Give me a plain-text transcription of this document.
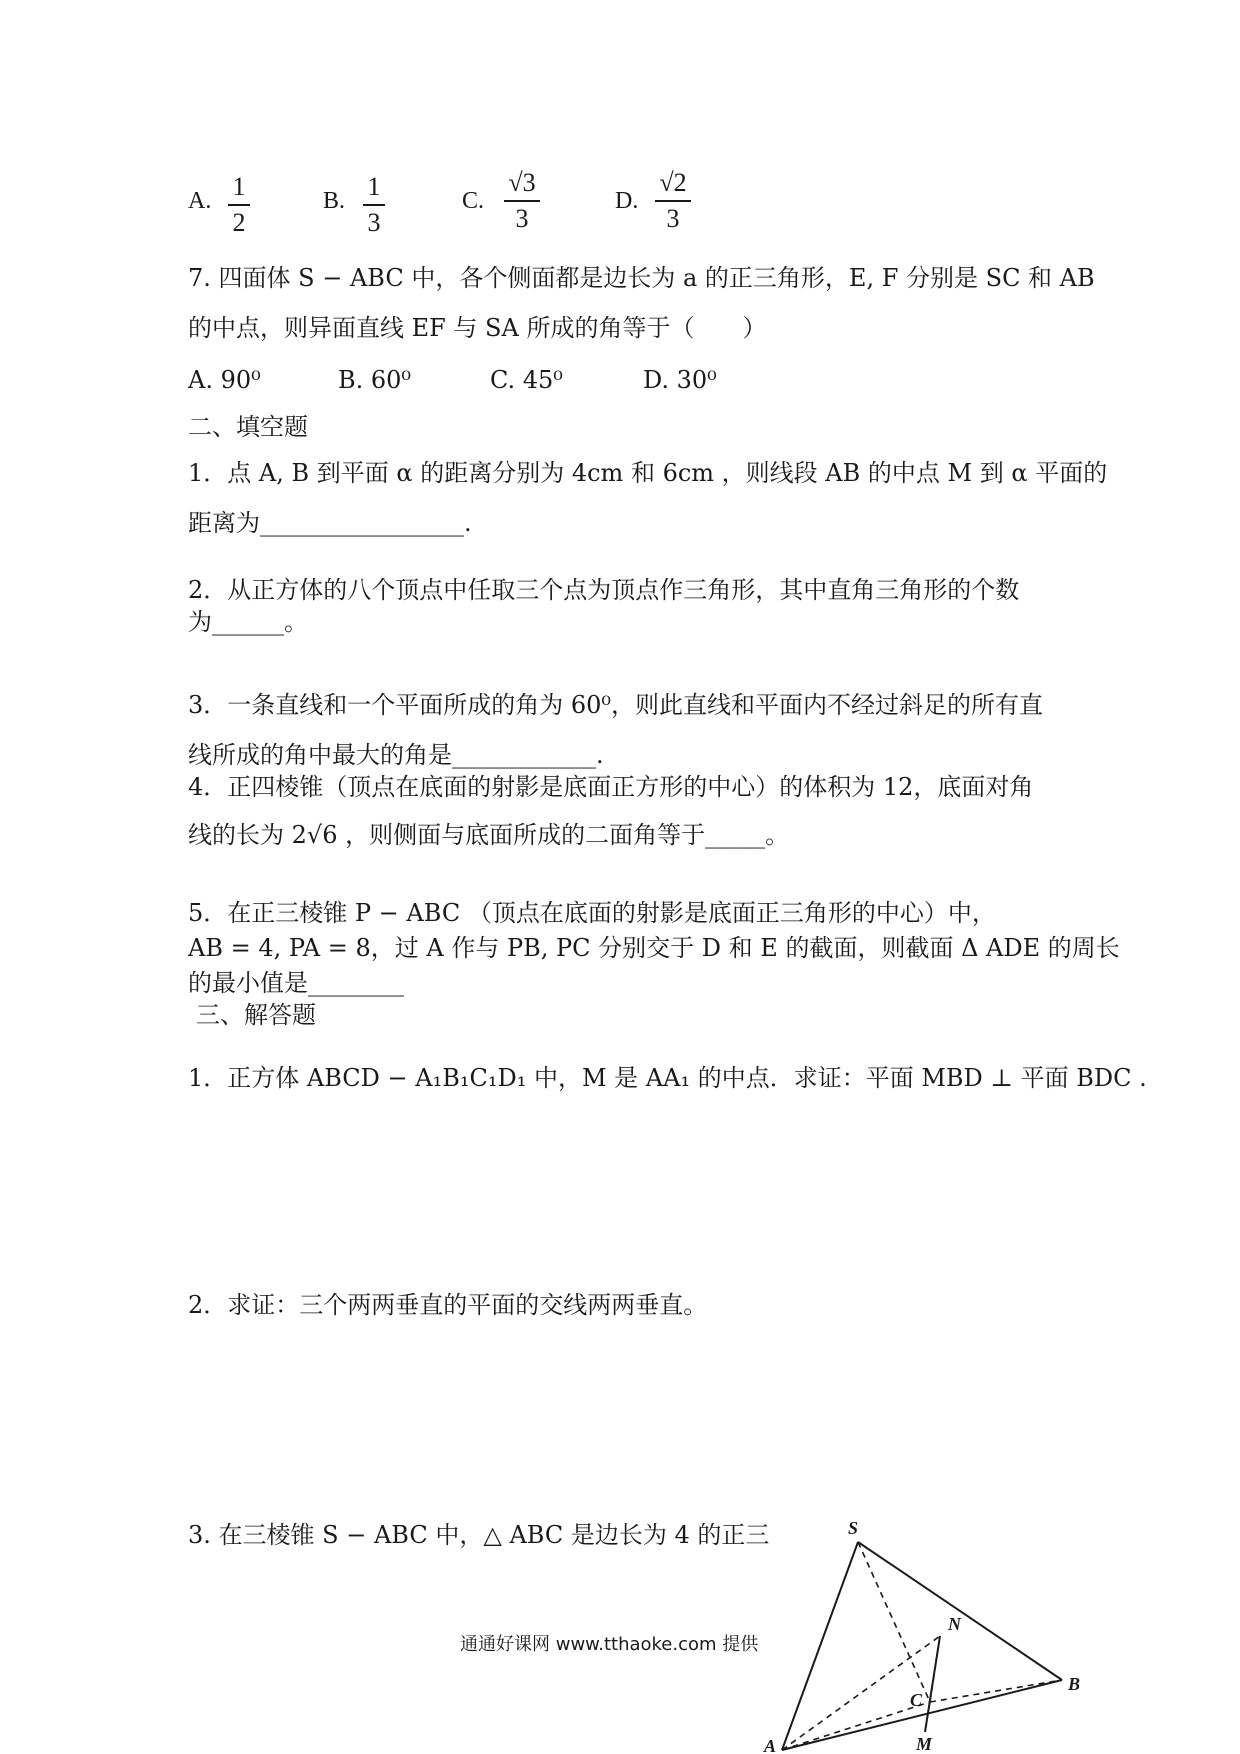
A. 1
2
B. 1
3
C.
√3
3
D.
√2
3
7. 四面体 S − ABC 中，各个侧面都是边长为 a 的正三角形，E, F 分别是 SC 和 AB
的中点，则异面直线 EF 与 SA 所成的角等于（　　）
A. 90⁰	B. 60⁰	C. 45⁰	D. 30⁰
二、填空题
1．点 A, B 到平面 α 的距离分别为 4cm 和 6cm ，则线段 AB 的中点 M 到 α 平面的
距离为_________________.
2．从正方体的八个顶点中任取三个点为顶点作三角形，其中直角三角形的个数
为______。
3．一条直线和一个平面所成的角为 60⁰，则此直线和平面内不经过斜足的所有直
线所成的角中最大的角是____________.
4．正四棱锥（顶点在底面的射影是底面正方形的中心）的体积为 12，底面对角
线的长为 2√6 ，则侧面与底面所成的二面角等于_____。
5．在正三棱锥 P − ABC （顶点在底面的射影是底面正三角形的中心）中，
AB = 4, PA = 8，过 A 作与 PB, PC 分别交于 D 和 E 的截面，则截面 Δ ADE 的周长
的最小值是________
三、解答题
1．正方体 ABCD − A₁B₁C₁D₁ 中，M 是 AA₁ 的中点．求证：平面 MBD ⊥ 平面 BDC .
2．求证：三个两两垂直的平面的交线两两垂直。
3. 在三棱锥 S − ABC 中，△ ABC 是边长为 4 的正三
通通好课网 www.tthaoke.com 提供
S
N
C
B
M
A
